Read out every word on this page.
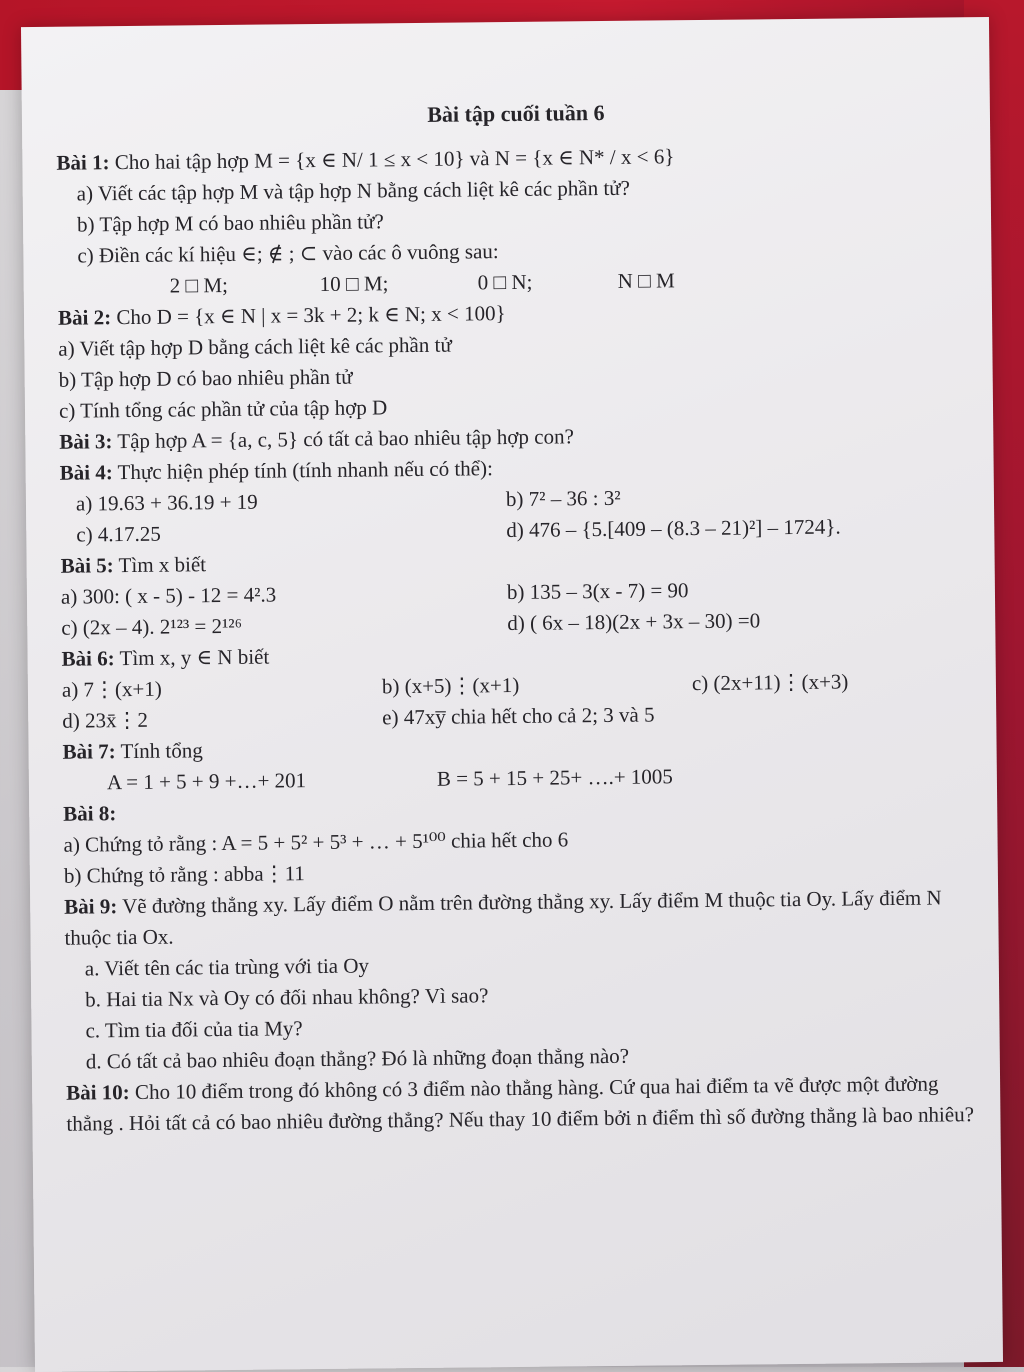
Bài tập cuối tuần 6
Bài 1: Cho hai tập hợp M = {x ∈ N/ 1 ≤ x < 10} và N = {x ∈ N* / x < 6}
a) Viết các tập hợp M và tập hợp N bằng cách liệt kê các phần tử?
b) Tập hợp M có bao nhiêu phần tử?
c) Điền các kí hiệu ∈; ∉ ; ⊂ vào các ô vuông sau:
2 □ M;	10 □ M;	0 □ N;	N □ M
Bài 2: Cho D = {x ∈ N | x = 3k + 2; k ∈ N; x < 100}
a) Viết tập hợp D bằng cách liệt kê các phần tử
b) Tập hợp D có bao nhiêu phần tử
c) Tính tổng các phần tử của tập hợp D
Bài 3: Tập hợp A = {a, c, 5} có tất cả bao nhiêu tập hợp con?
Bài 4: Thực hiện phép tính (tính nhanh nếu có thể):
a) 19.63 + 36.19 + 19	b) 7² – 36 : 3²
c) 4.17.25	d) 476 – {5.[409 – (8.3 – 21)²] – 1724}.
Bài 5: Tìm x biết
a) 300: ( x - 5) - 12 = 4².3	b) 135 – 3(x - 7) = 90
c) (2x – 4). 2¹²³ = 2¹²⁶	d) ( 6x – 18)(2x + 3x – 30) =0
Bài 6: Tìm x, y ∈ N biết
a) 7⋮(x+1)	b) (x+5)⋮(x+1)	c) (2x+11)⋮(x+3)
d) 23x̄⋮2	e) 47xy̅ chia hết cho cả 2; 3 và 5
Bài 7: Tính tổng
A = 1 + 5 + 9 +…+ 201	B = 5 + 15 + 25+ ….+ 1005
Bài 8:
a) Chứng tỏ rằng : A = 5 + 5² + 5³ + … + 5¹⁰⁰ chia hết cho 6
b) Chứng tỏ rằng : abba⋮11
Bài 9: Vẽ đường thẳng xy. Lấy điểm O nằm trên đường thẳng xy. Lấy điểm M thuộc tia Oy. Lấy điểm N thuộc tia Ox.
a. Viết tên các tia trùng với tia Oy
b. Hai tia Nx và Oy có đối nhau không? Vì sao?
c. Tìm tia đối của tia My?
d. Có tất cả bao nhiêu đoạn thẳng? Đó là những đoạn thẳng nào?
Bài 10: Cho 10 điểm trong đó không có 3 điểm nào thẳng hàng. Cứ qua hai điểm ta vẽ được một đường thẳng . Hỏi tất cả có bao nhiêu đường thẳng? Nếu thay 10 điểm bởi n điểm thì số đường thẳng là bao nhiêu?
